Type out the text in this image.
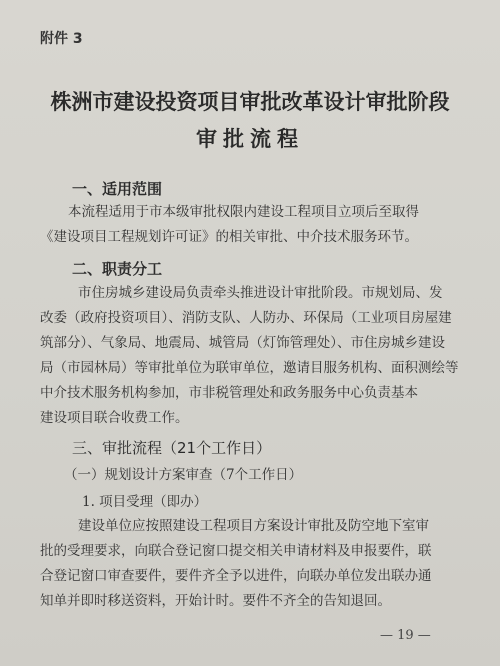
附件 3
株洲市建设投资项目审批改革设计审批阶段
审批流程
一、适用范围
本流程适用于市本级审批权限内建设工程项目立项后至取得
《建设项目工程规划许可证》的相关审批、中介技术服务环节。
二、职责分工
市住房城乡建设局负责牵头推进设计审批阶段。市规划局、发
改委（政府投资项目）、消防支队、人防办、环保局（工业项目房屋建
筑部分）、气象局、地震局、城管局（灯饰管理处）、市住房城乡建设
局（市园林局）等审批单位为联审单位，邀请目服务机构、面积测绘等
中介技术服务机构参加，市非税管理处和政务服务中心负责基本
建设项目联合收费工作。
三、审批流程（21个工作日）
（一）规划设计方案审查（7个工作日）
1. 项目受理（即办）
建设单位应按照建设工程项目方案设计审批及防空地下室审
批的受理要求，向联合登记窗口提交相关申请材料及申报要件，联
合登记窗口审查要件，要件齐全予以进件，向联办单位发出联办通
知单并即时移送资料，开始计时。要件不齐全的告知退回。
— 19 —
